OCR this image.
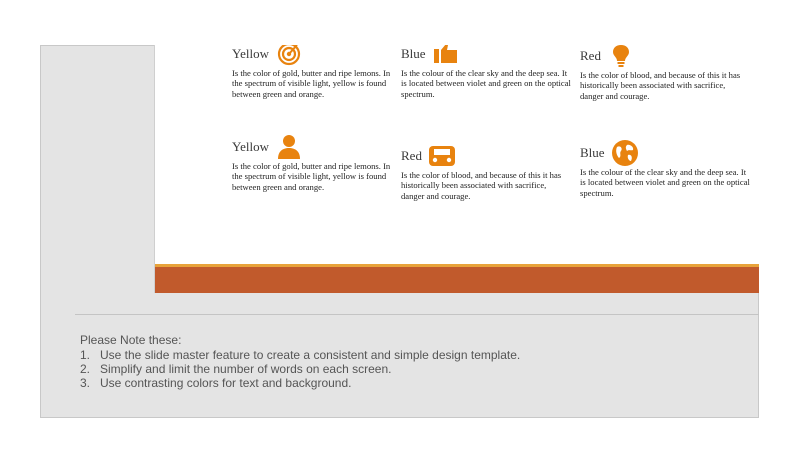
Yellow

Is the color of gold, butter and ripe lemons. In the spectrum of visible light, yellow is found between green and orange.

Blue

Is the colour of the clear sky and the deep sea. It is located between violet and green on the optical spectrum.

Red

Is the color of blood, and because of this it has historically been associated with sacrifice, danger and courage.

Yellow

Is the color of gold, butter and ripe lemons. In the spectrum of visible light, yellow is found between green and orange.

Red

Is the color of blood, and because of this it has historically been associated with sacrifice, danger and courage.

Blue

Is the colour of the clear sky and the deep sea. It is located between violet and green on the optical spectrum.

Please Note these:

1. Use the slide master feature to create a consistent and simple design template.
2. Simplify and limit the number of words on each screen.
3. Use contrasting colors for text and background.
